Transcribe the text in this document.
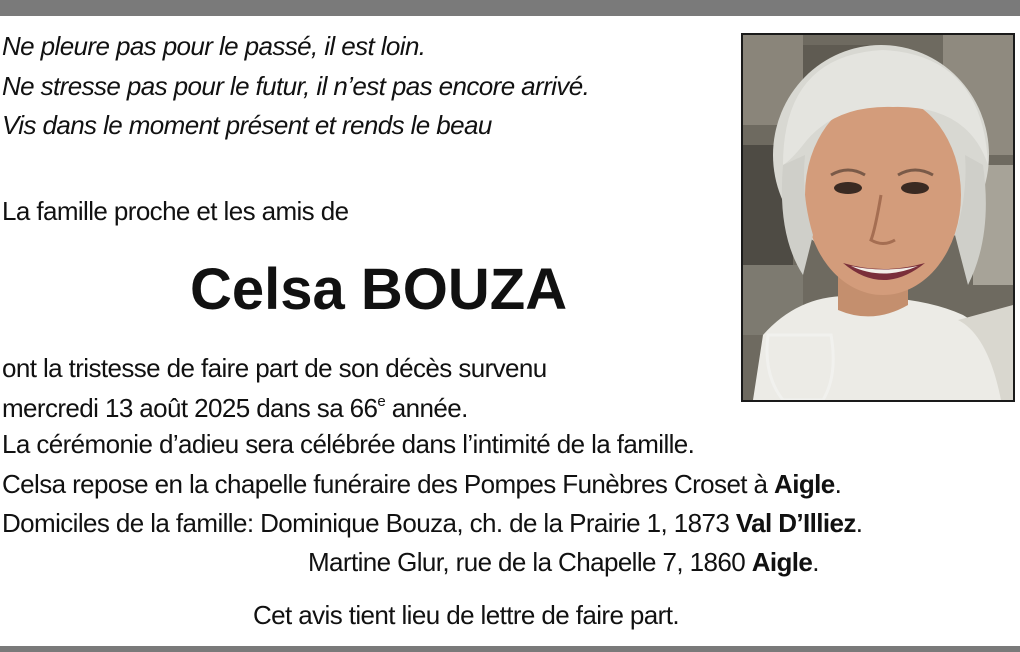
Ne pleure pas pour le passé, il est loin.
Ne stresse pas pour le futur, il n’est pas encore arrivé.
Vis dans le moment présent et rends le beau
La famille proche et les amis de
Celsa BOUZA
ont la tristesse de faire part de son décès survenu
mercredi 13 août 2025 dans sa 66e année.
La cérémonie d’adieu sera célébrée dans l’intimité de la famille.
Celsa repose en la chapelle funéraire des Pompes Funèbres Croset à Aigle.
Domiciles de la famille: Dominique Bouza, ch. de la Prairie 1, 1873 Val D’Illiez.
Martine Glur, rue de la Chapelle 7, 1860 Aigle.
Cet avis tient lieu de lettre de faire part.
